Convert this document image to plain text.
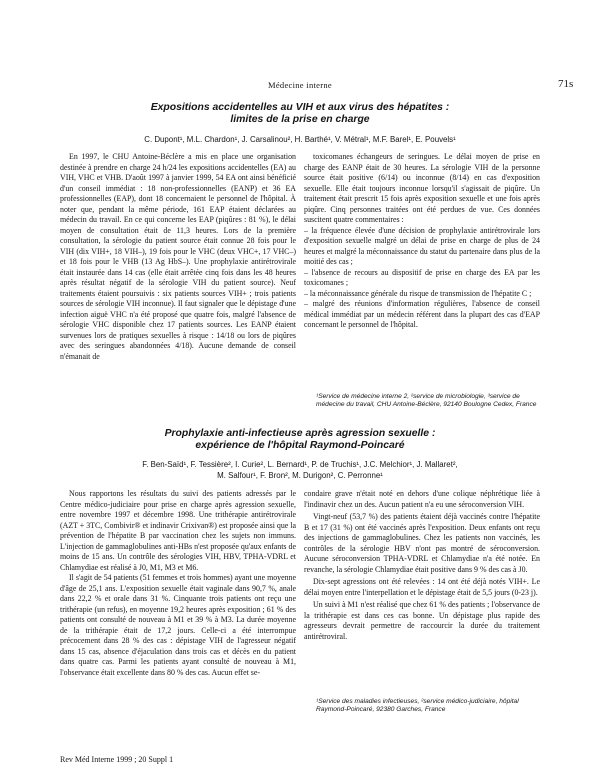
Médecine interne	71s
Expositions accidentelles au VIH et aux virus des hépatites :
limites de la prise en charge
C. Dupont¹, M.L. Chardon¹, J. Carsalinou², H. Barthé¹, V. Métral¹, M.F. Barel¹, E. Pouvels¹

En 1997, le CHU Antoine-Béclère a mis en place une organisation destinée à prendre en charge 24 h/24 les expositions accidentelles (EA) au VIH, VHC et VHB. D'août 1997 à janvier 1999, 54 EA ont ainsi bénéficié d'un conseil immédiat : 18 non-professionnelles (EANP) et 36 EA professionnelles (EAP), dont 18 concernaient le personnel de l'hôpital. À noter que, pendant la même période, 161 EAP étaient déclarées au médecin du travail. En ce qui concerne les EAP (piqûres : 81 %), le délai moyen de consultation était de 11,3 heures. Lors de la première consultation, la sérologie du patient source était connue 28 fois pour le VIH (dix VIH+, 18 VIH–), 19 fois pour le VHC (deux VHC+, 17 VHC–) et 18 fois pour le VHB (13 Ag HbS–). Une prophylaxie antirétrovirale était instaurée dans 14 cas (elle était arrêtée cinq fois dans les 48 heures après résultat négatif de la sérologie VIH du patient source). Neuf traitements étaient poursuivis : six patients sources VIH+ ; trois patients sources de sérologie VIH inconnue). Il faut signaler que le dépistage d'une infection aiguë VHC n'a été proposé que quatre fois, malgré l'absence de sérologie VHC disponible chez 17 patients sources. Les EANP étaient survenues lors de pratiques sexuelles à risque : 14/18 ou lors de piqûres avec des seringues abandonnées 4/18). Aucune demande de conseil n'émanait de

toxicomanes échangeurs de seringues. Le délai moyen de prise en charge des EANP était de 30 heures. La sérologie VIH de la personne source était positive (6/14) ou inconnue (8/14) en cas d'exposition sexuelle. Elle était toujours inconnue lorsqu'il s'agissait de piqûre. Un traitement était prescrit 15 fois après exposition sexuelle et une fois après piqûre. Cinq personnes traitées ont été perdues de vue. Ces données suscitent quatre commentaires :

– la fréquence élevée d'une décision de prophylaxie antirétrovirale lors d'exposition sexuelle malgré un délai de prise en charge de plus de 24 heures et malgré la méconnaissance du statut du partenaire dans plus de la moitié des cas ;

– l'absence de recours au dispositif de prise en charge des EA par les toxicomanes ;

– la méconnaissance générale du risque de transmission de l'hépatite C ;

– malgré des réunions d'information régulières, l'absence de conseil médical immédiat par un médecin référent dans la plupart des cas d'EAP concernant le personnel de l'hôpital.

¹Service de médecine interne 2, ²service de microbiologie, ³service de médecine du travail, CHU Antoine-Béclère, 92140 Boulogne Cedex, France
Prophylaxie anti-infectieuse après agression sexuelle :
expérience de l'hôpital Raymond-Poincaré
F. Ben-Saïd¹, F. Tessière², I. Curie², L. Bernard¹, P. de Truchis¹, J.C. Melchior¹, J. Mallaret²,
M. Salfour¹, F. Bron², M. Durigon², C. Perronne¹

Nous rapportons les résultats du suivi des patients adressés par le Centre médico-judiciaire pour prise en charge après agression sexuelle, entre novembre 1997 et décembre 1998. Une trithérapie antirétrovirale (AZT + 3TC, Combivir® et indinavir Crixivan®) est proposée ainsi que la prévention de l'hépatite B par vaccination chez les sujets non immuns. L'injection de gammaglobulines anti-HBs n'est proposée qu'aux enfants de moins de 15 ans. Un contrôle des sérologies VIH, HBV, TPHA-VDRL et Chlamydiae est réalisé à J0, M1, M3 et M6.

Il s'agit de 54 patients (51 femmes et trois hommes) ayant une moyenne d'âge de 25,1 ans. L'exposition sexuelle était vaginale dans 90,7 %, anale dans 22,2 % et orale dans 31 %. Cinquante trois patients ont reçu une trithérapie (un refus), en moyenne 19,2 heures après exposition ; 61 % des patients ont consulté de nouveau à M1 et 39 % à M3. La durée moyenne de la trithérapie était de 17,2 jours. Celle-ci a été interrompue précocement dans 28 % des cas : dépistage VIH de l'agresseur négatif dans 15 cas, absence d'éjaculation dans trois cas et décès en du patient dans quatre cas. Parmi les patients ayant consulté de nouveau à M1, l'observance était excellente dans 80 % des cas. Aucun effet se-

condaire grave n'était noté en dehors d'une colique néphrétique liée à l'indinavir chez un des. Aucun patient n'a eu une séroconversion VIH.

Vingt-neuf (53,7 %) des patients étaient déjà vaccinés contre l'hépatite B et 17 (31 %) ont été vaccinés après l'exposition. Deux enfants ont reçu des injections de gammaglobulines. Chez les patients non vaccinés, les contrôles de la sérologie HBV n'ont pas montré de séroconversion. Aucune séroconversion TPHA-VDRL et Chlamydiae n'a été notée. En revanche, la sérologie Chlamydiae était positive dans 9 % des cas à J0.

Dix-sept agressions ont été relevées : 14 ont été déjà notés VIH+. Le délai moyen entre l'interpellation et le dépistage était de 5,5 jours (0-23 j).

Un suivi à M1 n'est réalisé que chez 61 % des patients ; l'observance de la trithérapie est dans ces cas bonne. Un dépistage plus rapide des agresseurs devrait permettre de raccourcir la durée du traitement antirétroviral.

¹Service des maladies infectieuses, ²service médico-judiciaire, hôpital Raymond-Poincaré, 92380 Garches, France
Rev Méd Interne 1999 ; 20 Suppl 1
